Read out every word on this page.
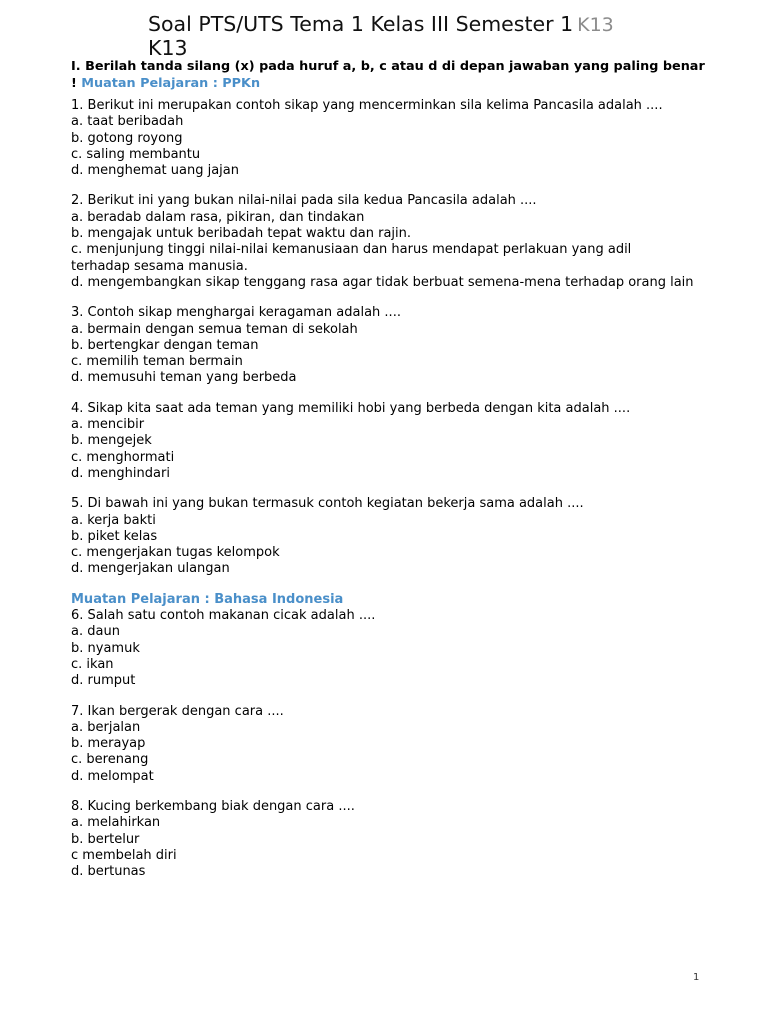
Soal PTS/UTS Tema 1 Kelas III Semester 1 K13
K13
I. Berilah tanda silang (x) pada huruf a, b, c atau d di depan jawaban yang paling benar ! Muatan Pelajaran : PPKn
1. Berikut ini merupakan contoh sikap yang mencerminkan sila kelima Pancasila adalah ....
a. taat beribadah
b. gotong royong
c. saling membantu
d. menghemat uang jajan
2. Berikut ini yang bukan nilai-nilai pada sila kedua Pancasila adalah ....
a. beradab dalam rasa, pikiran, dan tindakan
b. mengajak untuk beribadah tepat waktu dan rajin.
c. menjunjung tinggi nilai-nilai kemanusiaan dan harus mendapat perlakuan yang adil terhadap sesama manusia.
d. mengembangkan sikap tenggang rasa agar tidak berbuat semena-mena terhadap orang lain
3. Contoh sikap menghargai keragaman adalah ....
a. bermain dengan semua teman di sekolah
b. bertengkar dengan teman
c. memilih teman bermain
d. memusuhi teman yang berbeda
4. Sikap kita saat ada teman yang memiliki hobi yang berbeda dengan kita adalah ....
a. mencibir
b. mengejek
c. menghormati
d. menghindari
5. Di bawah ini yang bukan termasuk contoh kegiatan bekerja sama adalah ....
a. kerja bakti
b. piket kelas
c. mengerjakan tugas kelompok
d. mengerjakan ulangan
Muatan Pelajaran : Bahasa Indonesia
6. Salah satu contoh makanan cicak adalah ....
a. daun
b. nyamuk
c. ikan
d. rumput
7. Ikan bergerak dengan cara ....
a. berjalan
b. merayap
c. berenang
d. melompat
8. Kucing berkembang biak dengan cara ....
a. melahirkan
b. bertelur
c membelah diri
d. bertunas
1
